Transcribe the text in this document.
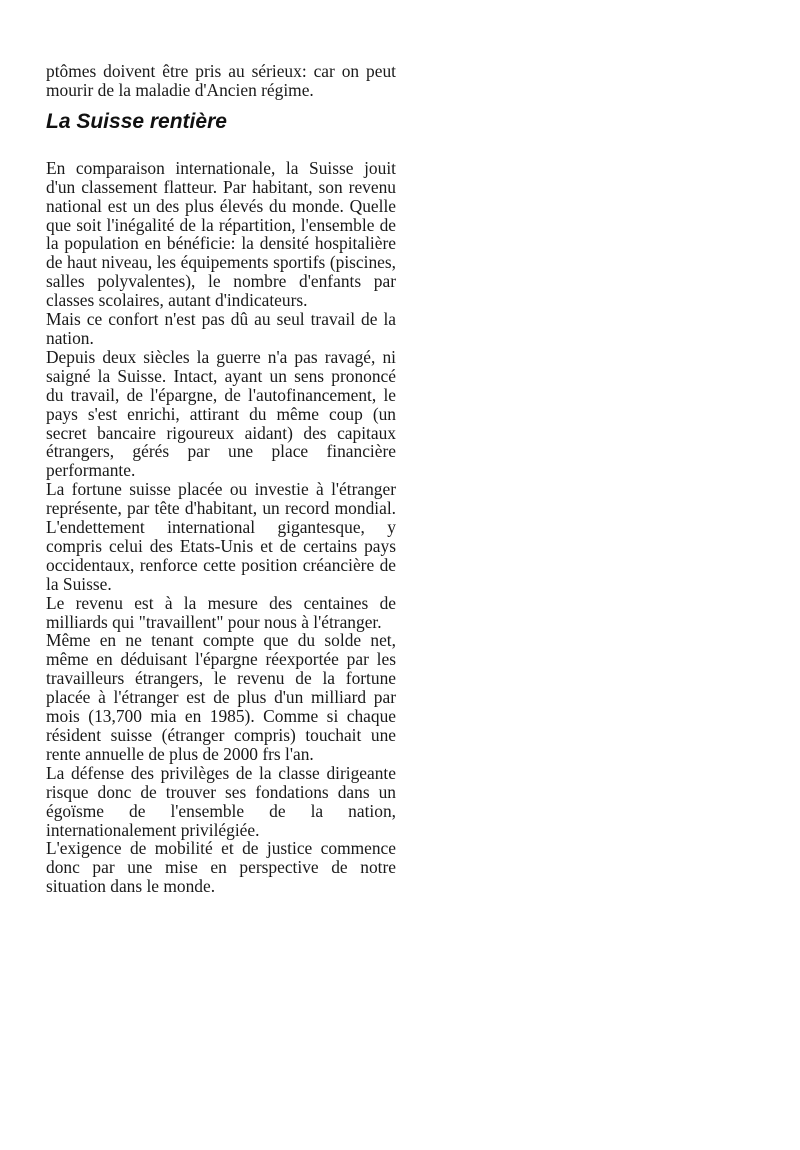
ptômes doivent être pris au sérieux: car on peut mourir de la maladie d'Ancien régime.

La Suisse rentière

En comparaison internationale, la Suisse jouit d'un classement flatteur. Par habitant, son revenu national est un des plus élevés du monde. Quelle que soit l'inégalité de la répartition, l'ensemble de la population en bénéficie: la densité hospitalière de haut niveau, les équipements sportifs (piscines, salles polyvalentes), le nombre d'enfants par classes scolaires, autant d'indicateurs.

Mais ce confort n'est pas dû au seul travail de la nation.

Depuis deux siècles la guerre n'a pas ravagé, ni saigné la Suisse. Intact, ayant un sens prononcé du travail, de l'épargne, de l'autofinancement, le pays s'est enrichi, attirant du même coup (un secret bancaire rigoureux aidant) des capitaux étrangers, gérés par une place financière performante.

La fortune suisse placée ou investie à l'étranger représente, par tête d'habitant, un record mondial. L'endettement international gigantesque, y compris celui des Etats-Unis et de certains pays occidentaux, renforce cette position créancière de la Suisse.

Le revenu est à la mesure des centaines de milliards qui "travaillent" pour nous à l'étranger.

Même en ne tenant compte que du solde net, même en déduisant l'épargne réexportée par les travailleurs étrangers, le revenu de la fortune placée à l'étranger est de plus d'un milliard par mois (13,700 mia en 1985). Comme si chaque résident suisse (étranger compris) touchait une rente annuelle de plus de 2000 frs l'an.

La défense des privilèges de la classe dirigeante risque donc de trouver ses fondations dans un égoïsme de l'ensemble de la nation, internationalement privilégiée.

L'exigence de mobilité et de justice commence donc par une mise en perspective de notre situation dans le monde.
